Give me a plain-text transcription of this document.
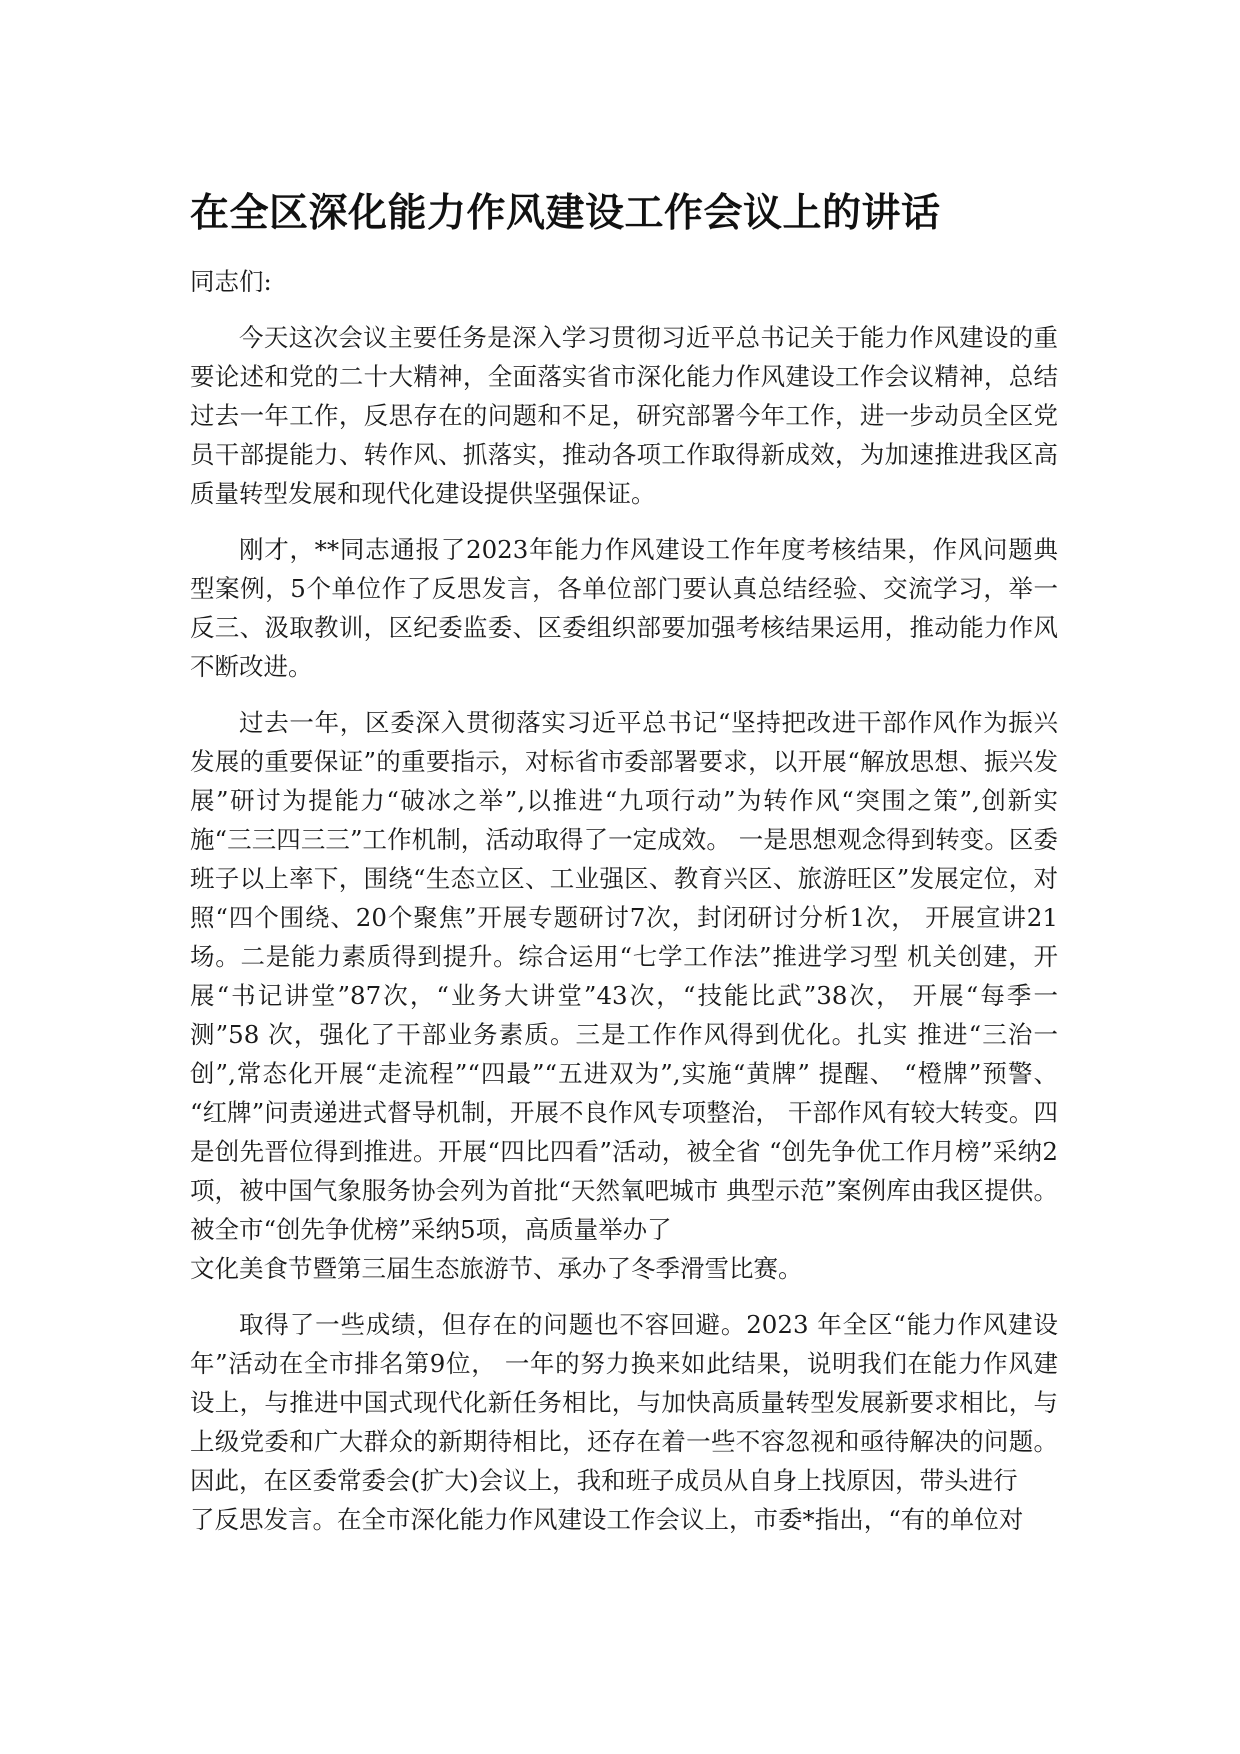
在全区深化能力作风建设工作会议上的讲话

同志们:

今天这次会议主要任务是深入学习贯彻习近平总书记关于能力作风建设的重要论述和党的二十大精神，全面落实省市深化能力作风建设工作会议精神，总结过去一年工作，反思存在的问题和不足，研究部署今年工作，进一步动员全区党员干部提能力、转作风、抓落实，推动各项工作取得新成效，为加速推进我区高质量转型发展和现代化建设提供坚强保证。

刚才，**同志通报了2023年能力作风建设工作年度考核结果，作风问题典 型案例，5个单位作了反思发言，各单位部门要认真总结经验、交流学习，举一 反三、汲取教训，区纪委监委、区委组织部要加强考核结果运用，推动能力作风 不断改进。

过去一年，区委深入贯彻落实习近平总书记“坚持把改进干部作风作为振兴发展的重要保证”的重要指示，对标省市委部署要求，以开展“解放思想、振兴发展”研讨为提能力“破冰之举”,以推进“九项行动”为转作风“突围之策”,创新实施“三三四三三”工作机制，活动取得了一定成效。 一是思想观念得到转变。区委班子以上率下，围绕“生态立区、工业强区、教育兴区、旅游旺区”发展定位，对照“四个围绕、20个聚焦”开展专题研讨7次，封闭研讨分析1次， 开展宣讲21 场。二是能力素质得到提升。综合运用“七学工作法”推进学习型 机关创建，开展“书记讲堂”87次，“业务大讲堂”43次，“技能比武”38次， 开展“每季一测”58 次，强化了干部业务素质。三是工作作风得到优化。扎实 推进“三治一创”,常态化开展“走流程”“四最”“五进双为”,实施“黄牌” 提醒、 “橙牌”预警、 “红牌”问责递进式督导机制，开展不良作风专项整治， 干部作风有较大转变。四是创先晋位得到推进。开展“四比四看”活动，被全省 “创先争优工作月榜”采纳2项，被中国气象服务协会列为首批“天然氧吧城市 典型示范”案例库由我区提供。被全市“创先争优榜”采纳5项，高质量举办了

文化美食节暨第三届生态旅游节、承办了冬季滑雪比赛。

取得了一些成绩，但存在的问题也不容回避。2023 年全区“能力作风建设年”活动在全市排名第9位， 一年的努力换来如此结果，说明我们在能力作风建 设上，与推进中国式现代化新任务相比，与加快高质量转型发展新要求相比，与 上级党委和广大群众的新期待相比，还存在着一些不容忽视和亟待解决的问题。 因此，在区委常委会(扩大)会议上，我和班子成员从自身上找原因，带头进行

了反思发言。在全市深化能力作风建设工作会议上，市委*指出，“有的单位对
